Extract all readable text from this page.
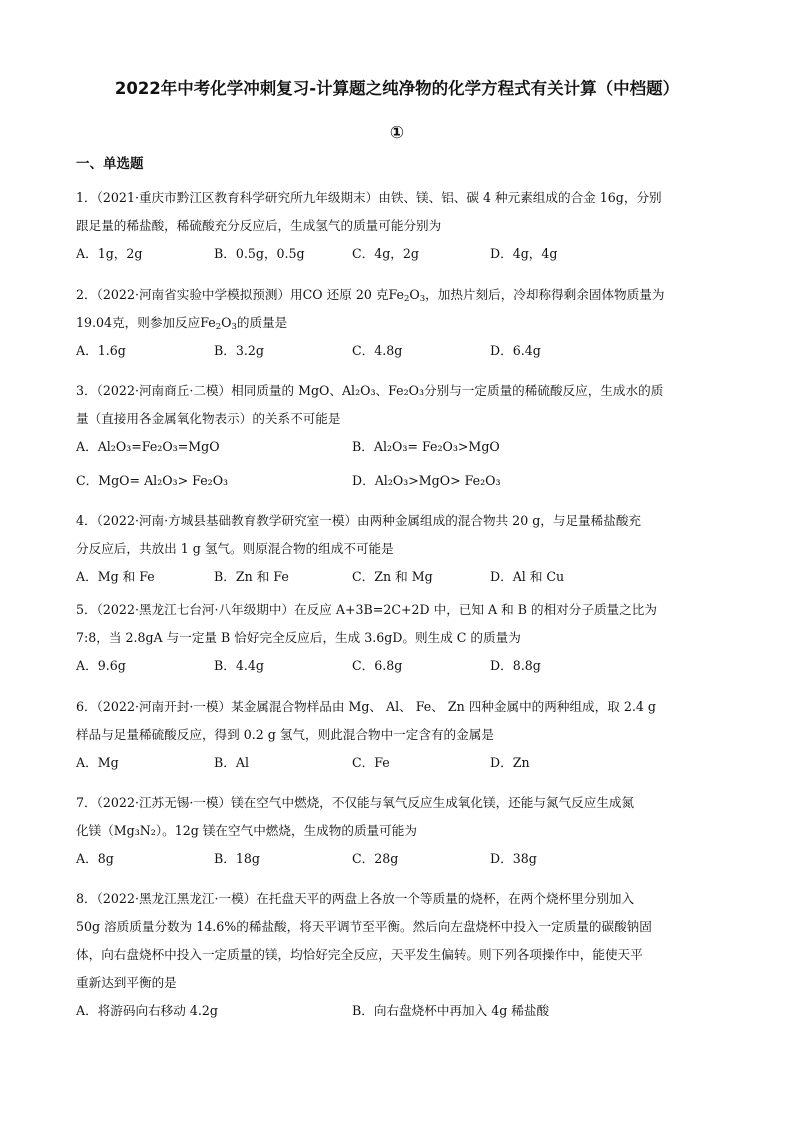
2022年中考化学冲刺复习-计算题之纯净物的化学方程式有关计算（中档题）
①
一、单选题

1．（2021·重庆市黔江区教育科学研究所九年级期末）由铁、镁、铝、碳 4 种元素组成的合金 16g，分别
跟足量的稀盐酸，稀硫酸充分反应后，生成氢气的质量可能分别为

A．1g，2g	B．0.5g，0.5g	C．4g，2g	D．4g，4g

2．（2022·河南省实验中学模拟预测）用CO 还原 20 克$Fe_2O_3$，加热片刻后，冷却称得剩余固体物质量为
19.04克，则参加反应$Fe_2O_3$的质量是

A．1.6g	B．3.2g	C．4.8g	D．6.4g

3．（2022·河南商丘·二模）相同质量的 MgO、Al₂O₃、Fe₂O₃分别与一定质量的稀硫酸反应，生成水的质
量（直接用各金属氧化物表示）的关系不可能是

A．Al₂O₃=Fe₂O₃=MgO	B．Al₂O₃= Fe₂O₃>MgO
C．MgO= Al₂O₃> Fe₂O₃	D．Al₂O₃>MgO> Fe₂O₃

4．（2022·河南·方城县基础教育教学研究室一模）由两种金属组成的混合物共 20 g，与足量稀盐酸充
分反应后，共放出 1 g 氢气。则原混合物的组成不可能是

A．Mg 和 Fe	B．Zn 和 Fe	C．Zn 和 Mg	D．Al 和 Cu

5．（2022·黑龙江七台河·八年级期中）在反应 A+3B=2C+2D 中，已知 A 和 B 的相对分子质量之比为
7:8，当 2.8gA 与一定量 B 恰好完全反应后，生成 3.6gD。则生成 C 的质量为

A．9.6g	B．4.4g	C．6.8g	D．8.8g

6．（2022·河南开封·一模）某金属混合物样品由 Mg、 Al、 Fe、 Zn 四种金属中的两种组成，取 2.4 g
样品与足量稀硫酸反应，得到 0.2 g 氢气，则此混合物中一定含有的金属是

A．Mg	B．Al	C．Fe	D．Zn

7．（2022·江苏无锡·一模）镁在空气中燃烧，不仅能与氧气反应生成氧化镁，还能与氮气反应生成氮
化镁（Mg₃N₂）。12g 镁在空气中燃烧，生成物的质量可能为

A．8g	B．18g	C．28g	D．38g

8．（2022·黑龙江黑龙江·一模）在托盘天平的两盘上各放一个等质量的烧杯，在两个烧杯里分别加入
50g 溶质质量分数为 14.6%的稀盐酸，将天平调节至平衡。然后向左盘烧杯中投入一定质量的碳酸钠固
体，向右盘烧杯中投入一定质量的镁，均恰好完全反应，天平发生偏转。则下列各项操作中，能使天平
重新达到平衡的是

A．将游码向右移动 4.2g	B．向右盘烧杯中再加入 4g 稀盐酸
